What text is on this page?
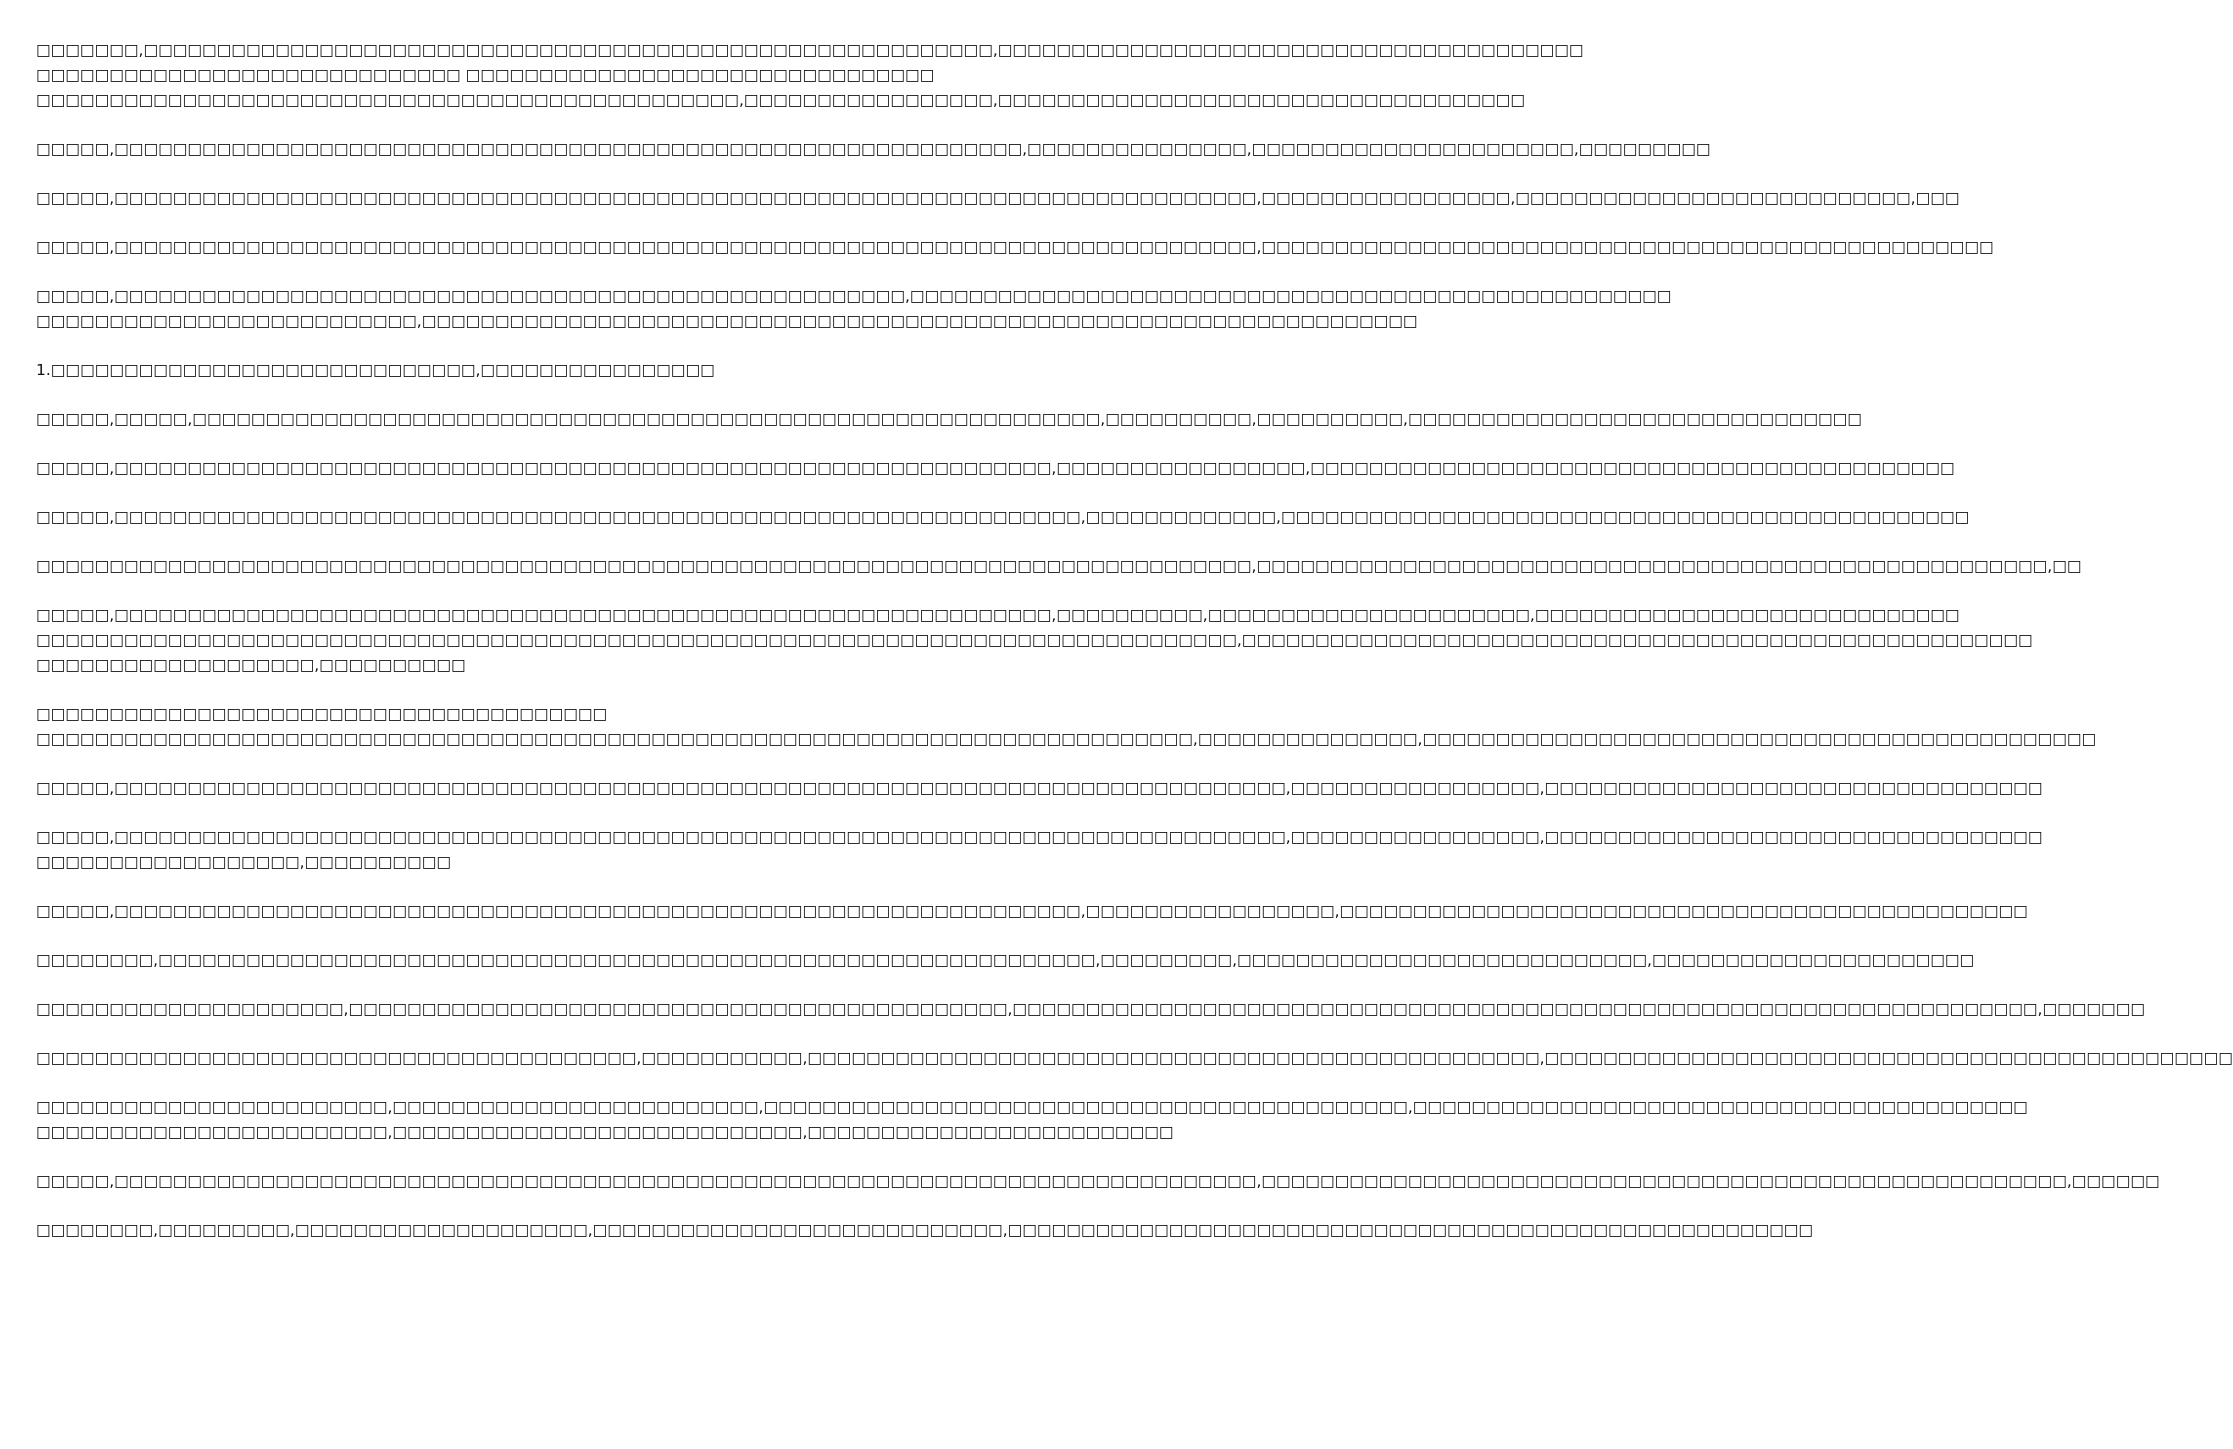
□□□□□□□,□□□□□□□□□□□□□□□□□□□□□□□□□□□□□□□□□□□□□□□□□□□□□□□□□□□□□□□□□□,□□□□□□□□□□□□□□□□□□□□□□□□□□□□□□□□□□□□□□□□
□□□□□□□□□□□□□□□□□□□□□□□□□□□□□ □□□□□□□□□□□□□□□□□□□□□□□□□□□□□□□□
□□□□□□□□□□□□□□□□□□□□□□□□□□□□□□□□□□□□□□□□□□□□□□□□,□□□□□□□□□□□□□□□□□,□□□□□□□□□□□□□□□□□□□□□□□□□□□□□□□□□□□□
□□□□□,□□□□□□□□□□□□□□□□□□□□□□□□□□□□□□□□□□□□□□□□□□□□□□□□□□□□□□□□□□□□□□,□□□□□□□□□□□□□□□,□□□□□□□□□□□□□□□□□□□□□□,□□□□□□□□□
□□□□□,□□□□□□□□□□□□□□□□□□□□□□□□□□□□□□□□□□□□□□□□□□□□□□□□□□□□□□□□□□□□□□□□□□□□□□□□□□□□□□,□□□□□□□□□□□□□□□□□,□□□□□□□□□□□□□□□□□□□□□□□□□□□,□□□
□□□□□,□□□□□□□□□□□□□□□□□□□□□□□□□□□□□□□□□□□□□□□□□□□□□□□□□□□□□□□□□□□□□□□□□□□□□□□□□□□□□□,□□□□□□□□□□□□□□□□□□□□□□□□□□□□□□□□□□□□□□□□□□□□□□□□□□
□□□□□,□□□□□□□□□□□□□□□□□□□□□□□□□□□□□□□□□□□□□□□□□□□□□□□□□□□□□□,□□□□□□□□□□□□□□□□□□□□□□□□□□□□□□□□□□□□□□□□□□□□□□□□□□□□
□□□□□□□□□□□□□□□□□□□□□□□□□□,□□□□□□□□□□□□□□□□□□□□□□□□□□□□□□□□□□□□□□□□□□□□□□□□□□□□□□□□□□□□□□□□□□□□
1.□□□□□□□□□□□□□□□□□□□□□□□□□□□□□,□□□□□□□□□□□□□□□□
□□□□□,□□□□□,□□□□□□□□□□□□□□□□□□□□□□□□□□□□□□□□□□□□□□□□□□□□□□□□□□□□□□□□□□□□□□,□□□□□□□□□□,□□□□□□□□□□,□□□□□□□□□□□□□□□□□□□□□□□□□□□□□□□
□□□□□,□□□□□□□□□□□□□□□□□□□□□□□□□□□□□□□□□□□□□□□□□□□□□□□□□□□□□□□□□□□□□□□□,□□□□□□□□□□□□□□□□□,□□□□□□□□□□□□□□□□□□□□□□□□□□□□□□□□□□□□□□□□□□□□
□□□□□,□□□□□□□□□□□□□□□□□□□□□□□□□□□□□□□□□□□□□□□□□□□□□□□□□□□□□□□□□□□□□□□□□□,□□□□□□□□□□□□□,□□□□□□□□□□□□□□□□□□□□□□□□□□□□□□□□□□□□□□□□□□□□□□□
□□□□□□□□□□□□□□□□□□□□□□□□□□□□□□□□□□□□□□□□□□□□□□□□□□□□□□□□□□□□□□□□□□□□□□□□□□□□□□□□□□□,□□□□□□□□□□□□□□□□□□□□□□□□□□□□□□□□□□□□□□□□□□□□□□□□□□□□□□,□□
□□□□□,□□□□□□□□□□□□□□□□□□□□□□□□□□□□□□□□□□□□□□□□□□□□□□□□□□□□□□□□□□□□□□□□,□□□□□□□□□□,□□□□□□□□□□□□□□□□□□□□□□,□□□□□□□□□□□□□□□□□□□□□□□□□□□□□
□□□□□□□□□□□□□□□□□□□□□□□□□□□□□□□□□□□□□□□□□□□□□□□□□□□□□□□□□□□□□□□□□□□□□□□□□□□□□□□□□□,□□□□□□□□□□□□□□□□□□□□□□□□□□□□□□□□□□□□□□□□□□□□□□□□□□□□□□
□□□□□□□□□□□□□□□□□□□,□□□□□□□□□□
□□□□□□□□□□□□□□□□□□□□□□□□□□□□□□□□□□□□□□□
□□□□□□□□□□□□□□□□□□□□□□□□□□□□□□□□□□□□□□□□□□□□□□□□□□□□□□□□□□□□□□□□□□□□□□□□□□□□□□□,□□□□□□□□□□□□□□□,□□□□□□□□□□□□□□□□□□□□□□□□□□□□□□□□□□□□□□□□□□□□□□
□□□□□,□□□□□□□□□□□□□□□□□□□□□□□□□□□□□□□□□□□□□□□□□□□□□□□□□□□□□□□□□□□□□□□□□□□□□□□□□□□□□□□□,□□□□□□□□□□□□□□□□□,□□□□□□□□□□□□□□□□□□□□□□□□□□□□□□□□□□
□□□□□,□□□□□□□□□□□□□□□□□□□□□□□□□□□□□□□□□□□□□□□□□□□□□□□□□□□□□□□□□□□□□□□□□□□□□□□□□□□□□□□□,□□□□□□□□□□□□□□□□□,□□□□□□□□□□□□□□□□□□□□□□□□□□□□□□□□□□
□□□□□□□□□□□□□□□□□□,□□□□□□□□□□
□□□□□,□□□□□□□□□□□□□□□□□□□□□□□□□□□□□□□□□□□□□□□□□□□□□□□□□□□□□□□□□□□□□□□□□□,□□□□□□□□□□□□□□□□□,□□□□□□□□□□□□□□□□□□□□□□□□□□□□□□□□□□□□□□□□□□□□□□□
□□□□□□□□,□□□□□□□□□□□□□□□□□□□□□□□□□□□□□□□□□□□□□□□□□□□□□□□□□□□□□□□□□□□□□□□□,□□□□□□□□□,□□□□□□□□□□□□□□□□□□□□□□□□□□□□,□□□□□□□□□□□□□□□□□□□□□□
□□□□□□□□□□□□□□□□□□□□□,□□□□□□□□□□□□□□□□□□□□□□□□□□□□□□□□□□□□□□□□□□□□□,□□□□□□□□□□□□□□□□□□□□□□□□□□□□□□□□□□□□□□□□□□□□□□□□□□□□□□□□□□□□□□□□□□□□□□,□□□□□□□
□□□□□□□□□□□□□□□□□□□□□□□□□□□□□□□□□□□□□□□□□,□□□□□□□□□□□,□□□□□□□□□□□□□□□□□□□□□□□□□□□□□□□□□□□□□□□□□□□□□□□□□□,□□□□□□□□□□□□□□□□□□□□□□□□□□□□□□□□□□□□□□□□□□□□□□□
□□□□□□□□□□□□□□□□□□□□□□□□,□□□□□□□□□□□□□□□□□□□□□□□□□,□□□□□□□□□□□□□□□□□□□□□□□□□□□□□□□□□□□□□□□□□□□□,□□□□□□□□□□□□□□□□□□□□□□□□□□□□□□□□□□□□□□□□□□
□□□□□□□□□□□□□□□□□□□□□□□□,□□□□□□□□□□□□□□□□□□□□□□□□□□□□,□□□□□□□□□□□□□□□□□□□□□□□□□
□□□□□,□□□□□□□□□□□□□□□□□□□□□□□□□□□□□□□□□□□□□□□□□□□□□□□□□□□□□□□□□□□□□□□□□□□□□□□□□□□□□□,□□□□□□□□□□□□□□□□□□□□□□□□□□□□□□□□□□□□□□□□□□□□□□□□□□□□□□□,□□□□□□
□□□□□□□□,□□□□□□□□□,□□□□□□□□□□□□□□□□□□□□,□□□□□□□□□□□□□□□□□□□□□□□□□□□□,□□□□□□□□□□□□□□□□□□□□□□□□□□□□□□□□□□□□□□□□□□□□□□□□□□□□□□□
